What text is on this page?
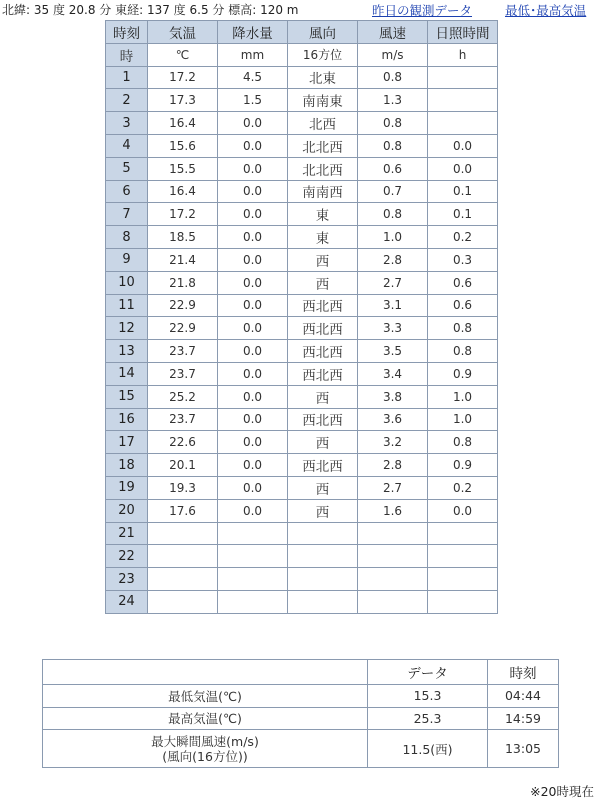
北緯: 35 度 20.8 分 東経: 137 度 6.5 分 標高: 120 m	昨日の観測データ	最低･最高気温
時刻	気温	降水量	風向	風速	日照時間
時	℃	mm	16方位	m/s	h
1	17.2	4.5	北東	0.8	
2	17.3	1.5	南南東	1.3	
3	16.4	0.0	北西	0.8	
4	15.6	0.0	北北西	0.8	0.0
5	15.5	0.0	北北西	0.6	0.0
6	16.4	0.0	南南西	0.7	0.1
7	17.2	0.0	東	0.8	0.1
8	18.5	0.0	東	1.0	0.2
9	21.4	0.0	西	2.8	0.3
10	21.8	0.0	西	2.7	0.6
11	22.9	0.0	西北西	3.1	0.6
12	22.9	0.0	西北西	3.3	0.8
13	23.7	0.0	西北西	3.5	0.8
14	23.7	0.0	西北西	3.4	0.9
15	25.2	0.0	西	3.8	1.0
16	23.7	0.0	西北西	3.6	1.0
17	22.6	0.0	西	3.2	0.8
18	20.1	0.0	西北西	2.8	0.9
19	19.3	0.0	西	2.7	0.2
20	17.6	0.0	西	1.6	0.0
21					
22					
23					
24					
	データ	時刻
最低気温(℃)	15.3	04:44
最高気温(℃)	25.3	14:59

最大瞬間風速(m/s)
(風向(16方位))	11.5(西)	13:05
※20時現在
